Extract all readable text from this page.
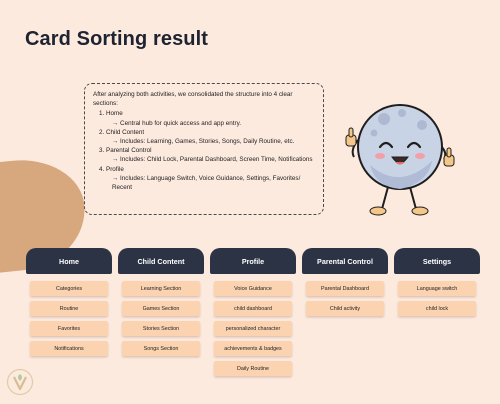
Card Sorting result

After analyzing both activities, we consolidated the structure into 4 clear sections:

1. Home
→ Central hub for quick access and app entry.
2. Child Content
→ Includes: Learning, Games, Stories, Songs, Daily Routine, etc.
3. Parental Control
→ Includes: Child Lock, Parental Dashboard, Screen Time, Notifications
4. Profile
→ Includes: Language Switch, Voice Guidance, Settings, Favorites/ Recent
Home
Categories
Routine
Favorites
Notifications
Child Content
Learning Section
Games Section
Stories Section
Songs Section
Profile
Voice Guidance
child dashboard
personalized character
achievements & badges
Daily Routine
Parental Control
Parental Dashboard
Child activity
Settings
Language switch
child lock
